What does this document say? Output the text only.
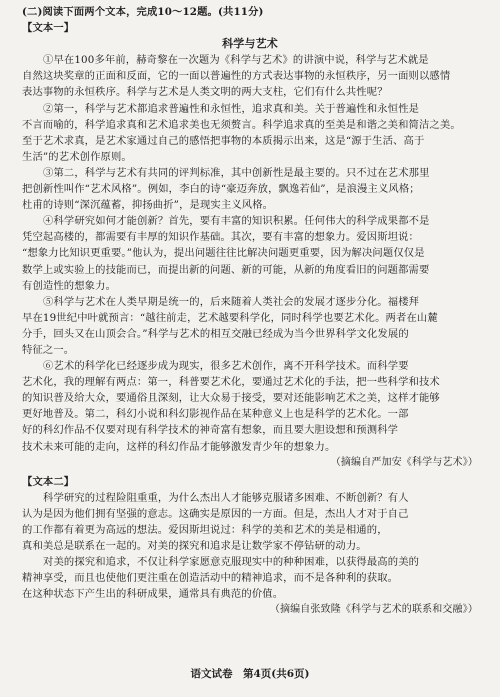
(二)阅读下面两个文本，完成10～12题。(共11分)
【文本一】
科学与艺术
①早在100多年前，赫奇黎在一次题为《科学与艺术》的讲演中说，科学与艺术就是
自然这块奖章的正面和反面，它的一面以普遍性的方式表达事物的永恒秩序，另一面则以感情
表达事物的永恒秩序。科学与艺术是人类文明的两大支柱，它们有什么共性呢？
②第一，科学与艺术都追求普遍性和永恒性，追求真和美。关于普遍性和永恒性是
不言而喻的，科学追求真和艺术追求美也无须赘言。科学追求真的至美是和谐之美和简洁之美。
至于艺术求真，是艺术家通过自己的感悟把事物的本质揭示出来，这是“源于生活、高于
生活”的艺术创作原则。
③第二，科学与艺术有共同的评判标准，其中创新性是最主要的。只不过在艺术那里
把创新性叫作“艺术风格”。例如，李白的诗“豪迈奔放，飘逸若仙”，是浪漫主义风格；
杜甫的诗则“深沉蕴蓄，抑扬曲折”，是现实主义风格。
④科学研究如何才能创新？首先，要有丰富的知识积累。任何伟大的科学成果都不是
凭空起高楼的，都需要有丰厚的知识作基础。其次，要有丰富的想象力。爱因斯坦说：
“想象力比知识更重要。”他认为，提出问题往往比解决问题更重要，因为解决问题仅仅是
数学上或实验上的技能而已，而提出新的问题、新的可能，从新的角度看旧的问题都需要
有创造性的想象力。
⑤科学与艺术在人类早期是统一的，后来随着人类社会的发展才逐步分化。福楼拜
早在19世纪中叶就预言：“越往前走，艺术越要科学化，同时科学也要艺术化。两者在山麓
分手，回头又在山顶会合。”科学与艺术的相互交融已经成为当今世界科学文化发展的
特征之一。
⑥艺术的科学化已经逐步成为现实，很多艺术创作，离不开科学技术。而科学要
艺术化，我的理解有两点：第一，科普要艺术化，要通过艺术化的手法，把一些科学和技术
的知识普及给大众，要通俗且深刻，让大众易于接受，要对还能影响艺术之美，这样才能够
更好地普及。第二，科幻小说和科幻影视作品在某种意义上也是科学的艺术化。一部
好的科幻作品不仅要对现有科学技术的神奇富有想象，而且要大胆设想和预测科学
技术未来可能的走向，这样的科幻作品才能够激发青少年的想象力。
（摘编自严加安《科学与艺术》）
【文本二】
科学研究的过程险阻重重，为什么杰出人才能够克服诸多困难、不断创新？有人
认为是因为他们拥有坚强的意志。这确实是原因的一方面。但是，杰出人才对于自己
的工作都有着更为高远的想法。爱因斯坦说过：科学的美和艺术的美是相通的，
真和美总是联系在一起的。对美的探究和追求是让数学家不停钻研的动力。
对美的探究和追求，不仅让科学家愿意克服现实中的种种困难，以获得最高的美的
精神享受，而且也使他们更注重在创造活动中的精神追求，而不是各种利的获取。
在这种状态下产生出的科研成果，通常具有典范的价值。
（摘编自张致隆《科学与艺术的联系和交融》）
语文试卷　第4页(共6页)
